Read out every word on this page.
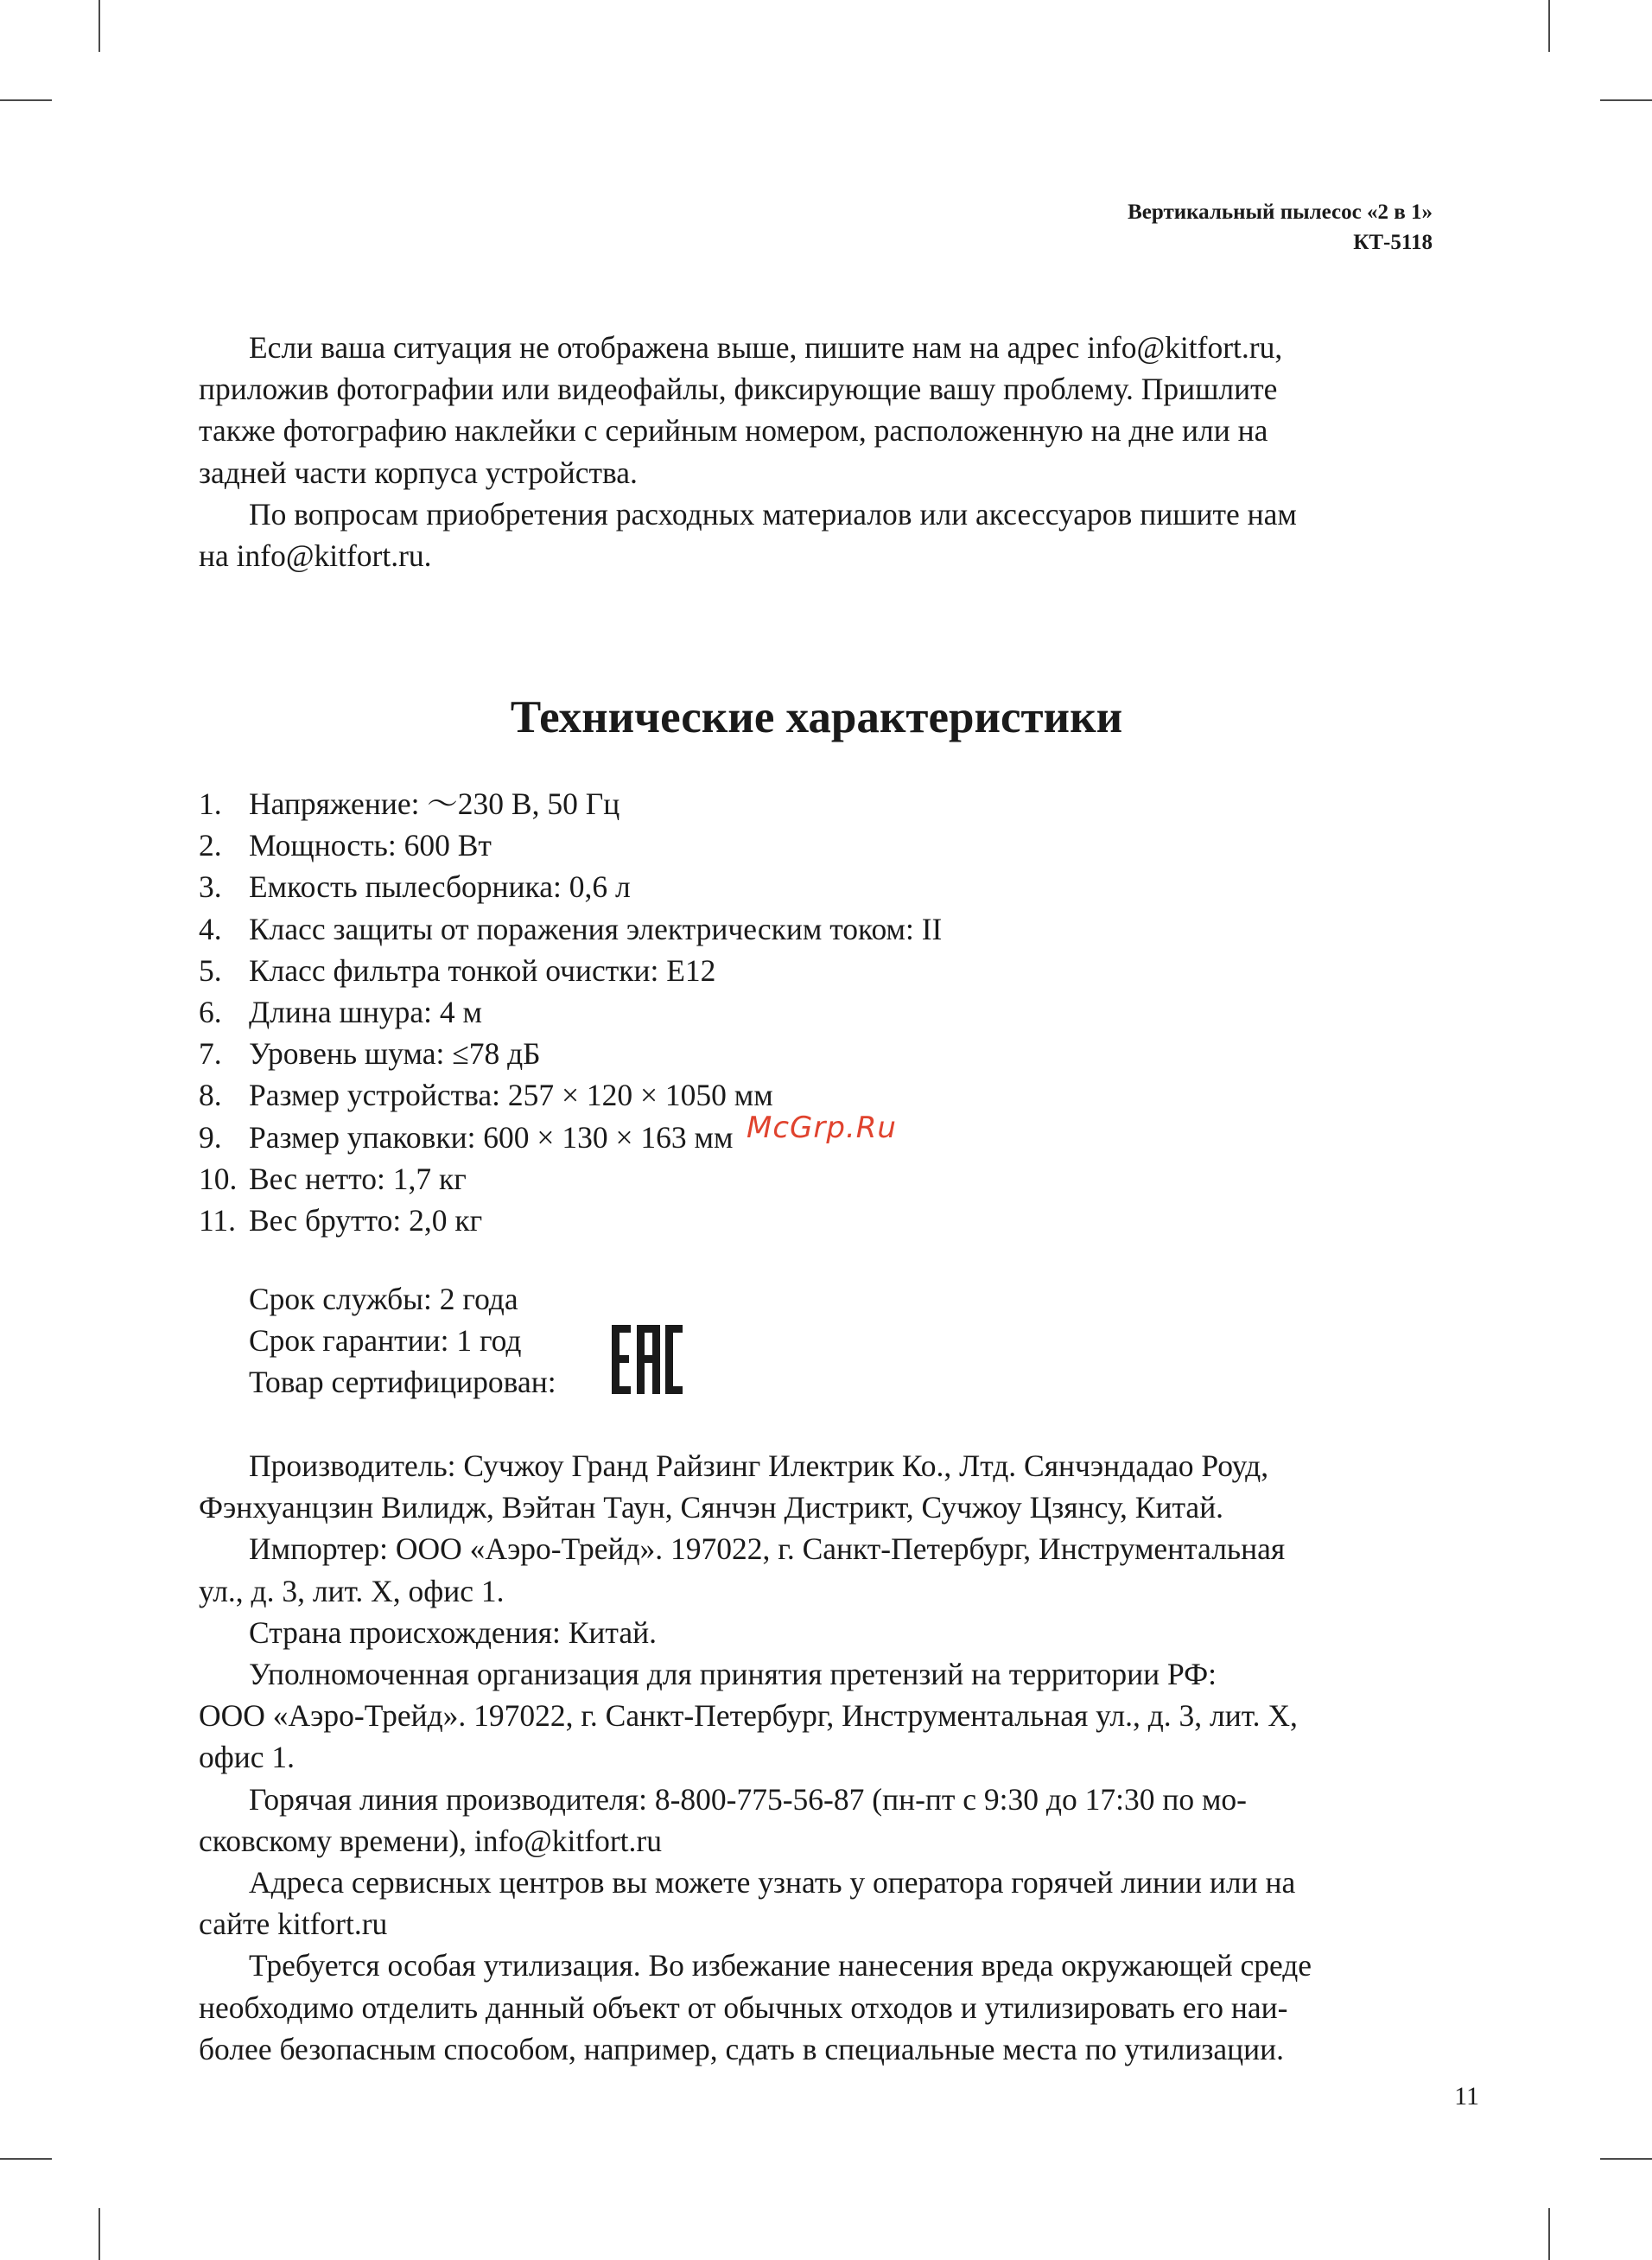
Вертикальный пылесос «2 в 1»
КТ-5118

Если ваша ситуация не отображена выше, пишите нам на адрес info@kitfort.ru,
приложив фотографии или видеофайлы, фиксирующие вашу проблему. Пришлите
также фотографию наклейки с серийным номером, расположенную на дне или на
задней части корпуса устройства.

По вопросам приобретения расходных материалов или аксессуаров пишите нам
на info@kitfort.ru.

Технические характеристики
1. Напряжение: ～230 В, 50 Гц
2. Мощность: 600 Вт
3. Емкость пылесборника: 0,6 л
4. Класс защиты от поражения электрическим током: II
5. Класс фильтра тонкой очистки: E12
6. Длина шнура: 4 м
7. Уровень шума: ≤78 дБ
8. Размер устройства: 257 × 120 × 1050 мм
9. Размер упаковки: 600 × 130 × 163 мм
10. Вес нетто: 1,7 кг
11. Вес брутто: 2,0 кг
Срок службы: 2 года
Срок гарантии: 1 год
Товар сертифицирован:

Производитель: Сучжоу Гранд Райзинг Илектрик Ко., Лтд. Сянчэндадао Роуд,
Фэнхуанцзин Вилидж, Вэйтан Таун, Сянчэн Дистрикт, Сучжоу Цзянсу, Китай.

Импортер: ООО «Аэро-Трейд». 197022, г. Санкт-Петербург, Инструментальная
ул., д. 3, лит. Х, офис 1.

Страна происхождения: Китай.

Уполномоченная организация для принятия претензий на территории РФ:
ООО «Аэро-Трейд». 197022, г. Санкт-Петербург, Инструментальная ул., д. 3, лит. Х,
офис 1.

Горячая линия производителя: 8-800-775-56-87 (пн-пт с 9:30 до 17:30 по мо-
сковскому времени), info@kitfort.ru

Адреса сервисных центров вы можете узнать у оператора горячей линии или на
сайте kitfort.ru

Требуется особая утилизация. Во избежание нанесения вреда окружающей среде
необходимо отделить данный объект от обычных отходов и утилизировать его наи-
более безопасным способом, например, сдать в специальные места по утилизации.

McGrp.Ru
11
